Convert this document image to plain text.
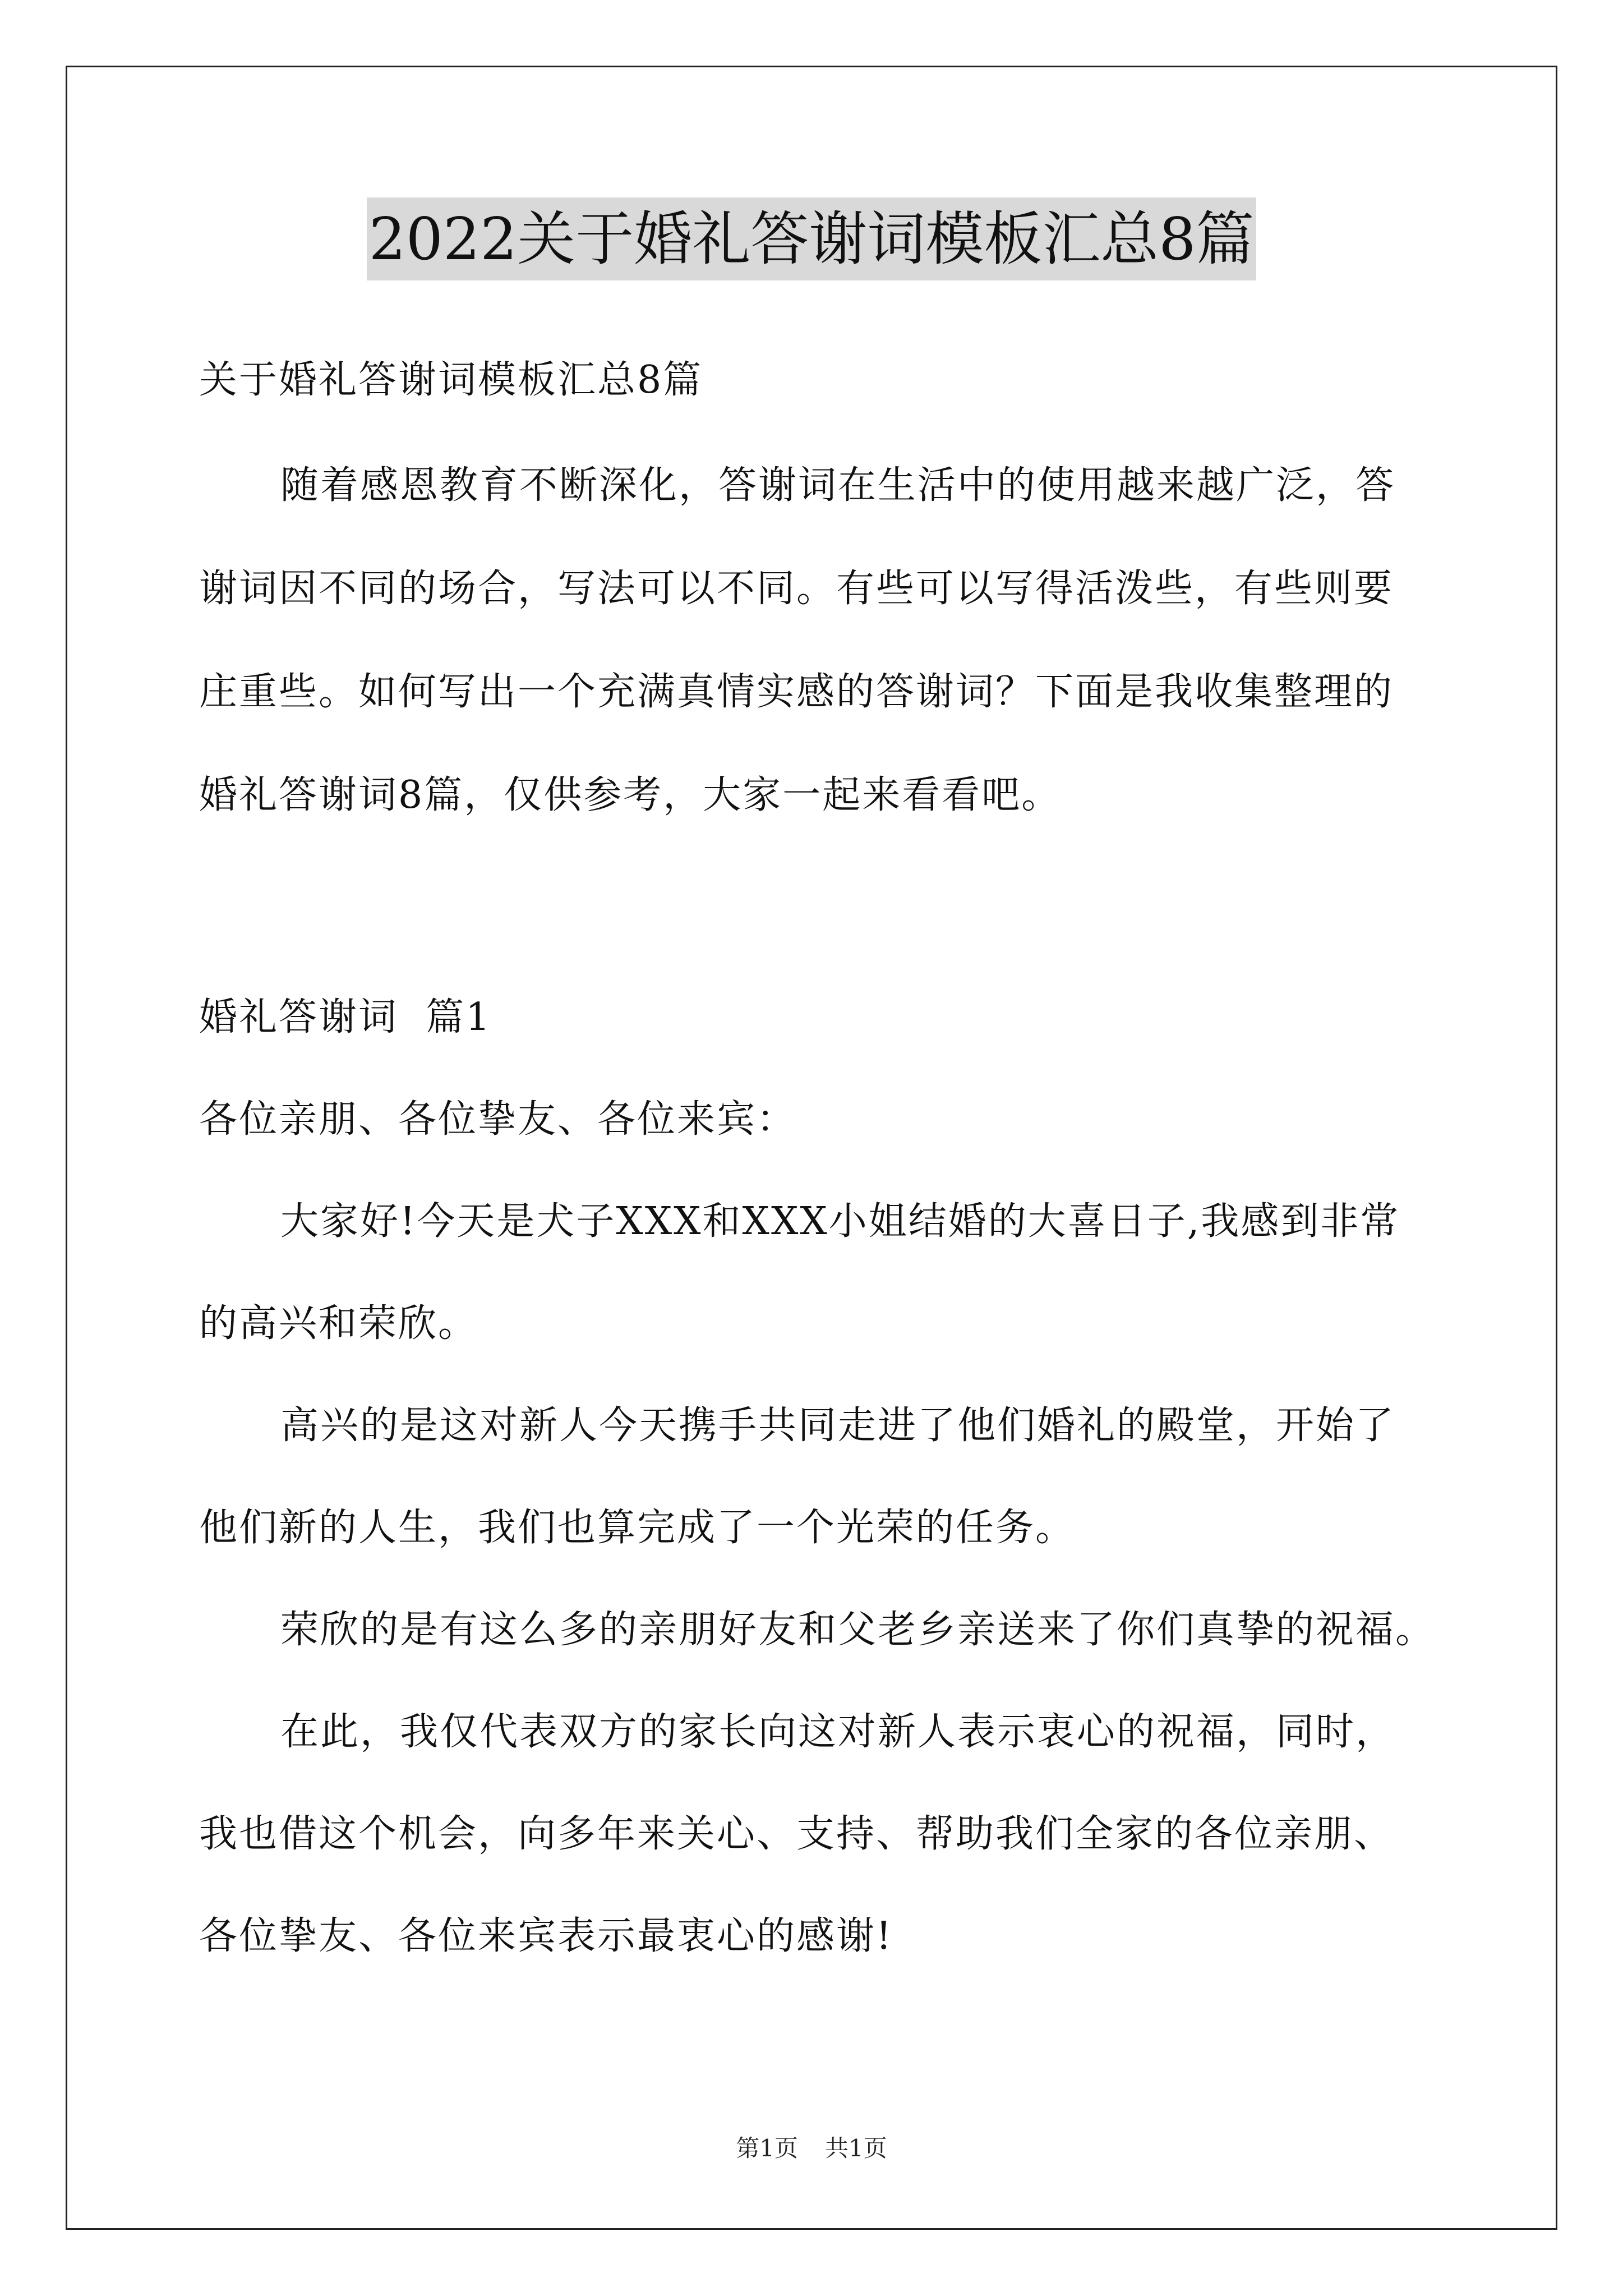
2022关于婚礼答谢词模板汇总8篇
关于婚礼答谢词模板汇总8篇
随着感恩教育不断深化，答谢词在生活中的使用越来越广泛，答
谢词因不同的场合，写法可以不同。有些可以写得活泼些，有些则要
庄重些。如何写出一个充满真情实感的答谢词？下面是我收集整理的
婚礼答谢词8篇，仅供参考，大家一起来看看吧。
婚礼答谢词  篇1
各位亲朋、各位挚友、各位来宾：
大家好!今天是犬子XXX和XXX小姐结婚的大喜日子,我感到非常
的高兴和荣欣。
高兴的是这对新人今天携手共同走进了他们婚礼的殿堂，开始了
他们新的人生，我们也算完成了一个光荣的任务。
荣欣的是有这么多的亲朋好友和父老乡亲送来了你们真挚的祝福。
在此，我仅代表双方的家长向这对新人表示衷心的祝福，同时，
我也借这个机会，向多年来关心、支持、帮助我们全家的各位亲朋、
各位挚友、各位来宾表示最衷心的感谢!
第1页 共1页
